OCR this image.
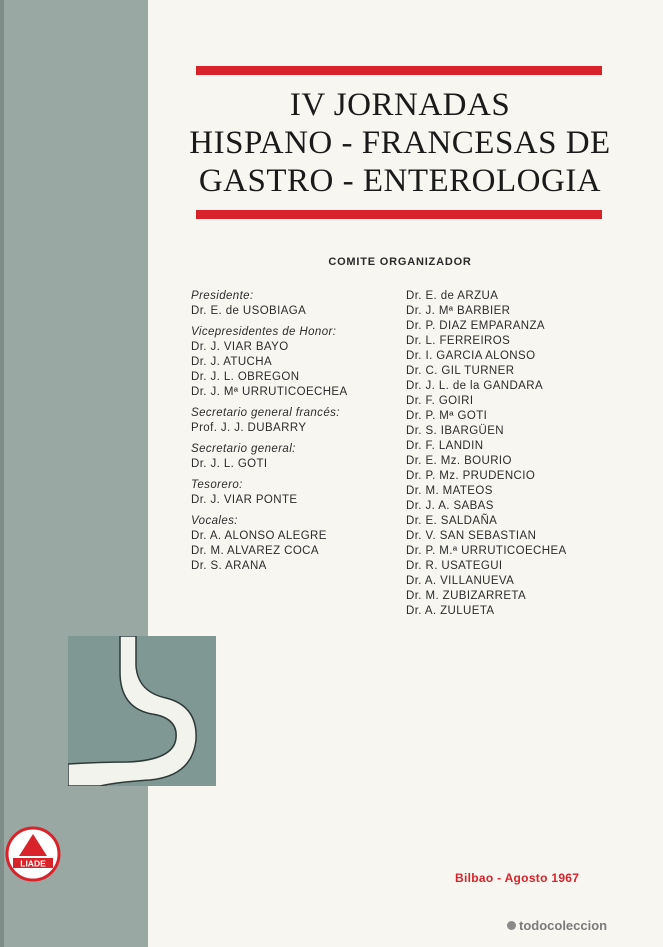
IV JORNADAS
HISPANO - FRANCESAS DE
GASTRO - ENTEROLOGIA
COMITE ORGANIZADOR
Presidente:
Dr. E. de USOBIAGA
Vicepresidentes de Honor:
Dr. J. VIAR BAYO
Dr. J. ATUCHA
Dr. J. L. OBREGON
Dr. J. Mª URRUTICOECHEA
Secretario general francés:
Prof. J. J. DUBARRY
Secretario general:
Dr. J. L. GOTI
Tesorero:
Dr. J. VIAR PONTE
Vocales:
Dr. A. ALONSO ALEGRE
Dr. M. ALVAREZ COCA
Dr. S. ARANA
Dr. E. de ARZUA
Dr. J. Mª BARBIER
Dr. P. DIAZ EMPARANZA
Dr. L. FERREIROS
Dr. I. GARCIA ALONSO
Dr. C. GIL TURNER
Dr. J. L. de la GANDARA
Dr. F. GOIRI
Dr. P. Mª GOTI
Dr. S. IBARGÜEN
Dr. F. LANDIN
Dr. E. Mz. BOURIO
Dr. P. Mz. PRUDENCIO
Dr. M. MATEOS
Dr. J. A. SABAS
Dr. E. SALDAÑA
Dr. V. SAN SEBASTIAN
Dr. P. M.ª URRUTICOECHEA
Dr. R. USATEGUI
Dr. A. VILLANUEVA
Dr. M. ZUBIZARRETA
Dr. A. ZULUETA
LIADE
Bilbao - Agosto 1967
todocoleccion
